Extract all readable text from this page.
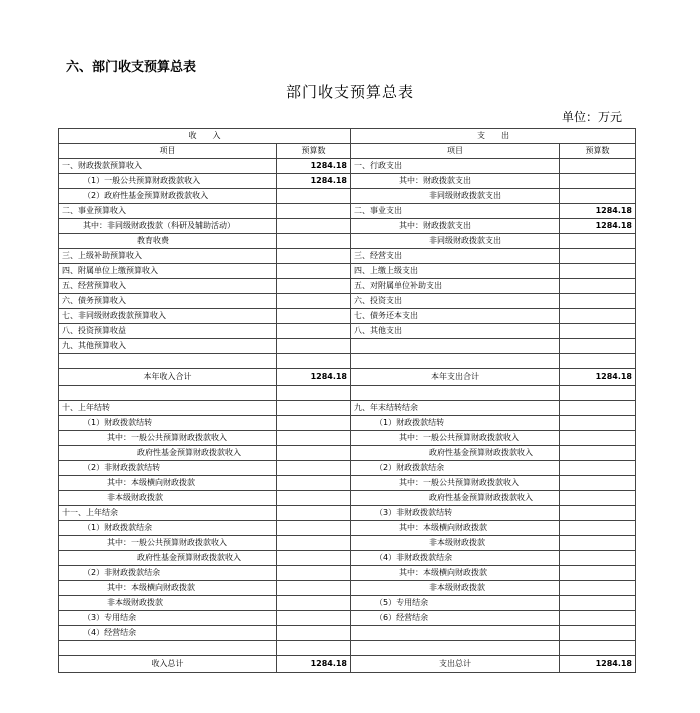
六、部门收支预算总表
部门收支预算总表
单位：万元
收　　入		支　　出	
项目	预算数	项目	预算数
一、财政拨款预算收入	1284.18	一、行政支出	
（1）一般公共预算财政拨款收入	1284.18	其中：财政拨款支出	
（2）政府性基金预算财政拨款收入		非同级财政拨款支出	
二、事业预算收入		二、事业支出	1284.18
其中：非同级财政拨款（科研及辅助活动）		其中：财政拨款支出	1284.18
教育收费		非同级财政拨款支出	
三、上级补助预算收入		三、经营支出	
四、附属单位上缴预算收入		四、上缴上级支出	
五、经营预算收入		五、对附属单位补助支出	
六、债务预算收入		六、投资支出	
七、非同级财政拨款预算收入		七、债务还本支出	
八、投资预算收益		八、其他支出	
九、其他预算收入			

本年收入合计	1284.18	本年支出合计	1284.18

十、上年结转		九、年末结转结余	
（1）财政拨款结转		（1）财政拨款结转	
其中：一般公共预算财政拨款收入		其中：一般公共预算财政拨款收入	
政府性基金预算财政拨款收入		政府性基金预算财政拨款收入	
（2）非财政拨款结转		（2）财政拨款结余	
其中：本级横向财政拨款		其中：一般公共预算财政拨款收入	
非本级财政拨款		政府性基金预算财政拨款收入	
十一、上年结余		（3）非财政拨款结转	
（1）财政拨款结余		其中：本级横向财政拨款	
其中：一般公共预算财政拨款收入		非本级财政拨款	
政府性基金预算财政拨款收入		（4）非财政拨款结余	
（2）非财政拨款结余		其中：本级横向财政拨款	
其中：本级横向财政拨款		非本级财政拨款	
非本级财政拨款		（5）专用结余	
（3）专用结余		（6）经营结余	
（4）经营结余			

收入总计	1284.18	支出总计	1284.18
